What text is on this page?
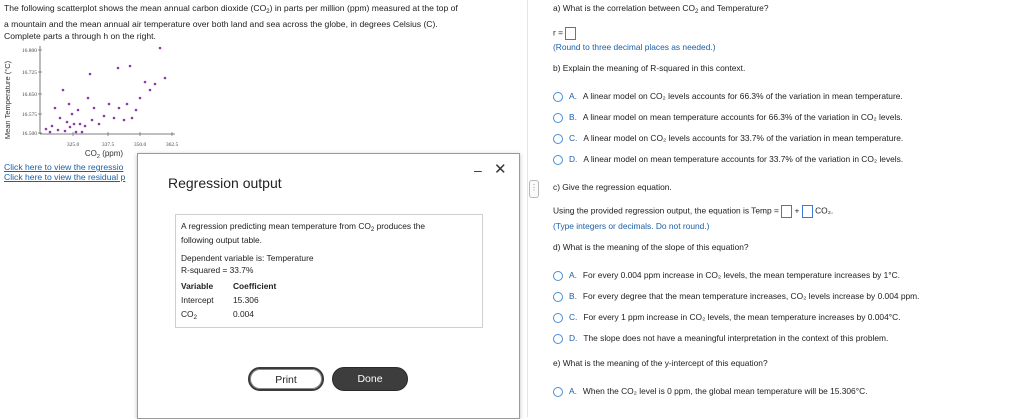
The following scatterplot shows the mean annual carbon dioxide $(CO_2)$ in parts per million (ppm) measured at the top of

a mountain and the mean annual air temperature over both land and sea across the globe, in degrees Celsius (C).

Complete parts a through h on the right.

Mean Temperature (°C)
16.800
16.725
16.650
16.575
16.500
325.0	337.5	350.0	362.5
$CO_2$ (ppm)
Click here to view the regressio
Click here to view the residual p
⋮
a) What is the correlation between $CO_2$ and Temperature?
r =
(Round to three decimal places as needed.)
b) Explain the meaning of R-squared in this context.
A. A linear model on CO₂ levels accounts for 66.3% of the variation in mean temperature.
B. A linear model on mean temperature accounts for 66.3% of the variation in CO₂ levels.
C. A linear model on CO₂ levels accounts for 33.7% of the variation in mean temperature.
D. A linear model on mean temperature accounts for 33.7% of the variation in CO₂ levels.
c) Give the regression equation.
Using the provided regression output, the equation is Temp = + CO₂.
(Type integers or decimals. Do not round.)
d) What is the meaning of the slope of this equation?
A. For every 0.004 ppm increase in CO₂ levels, the mean temperature increases by 1°C.
B. For every degree that the mean temperature increases, CO₂ levels increase by 0.004 ppm.
C. For every 1 ppm increase in CO₂ levels, the mean temperature increases by 0.004°C.
D. The slope does not have a meaningful interpretation in the context of this problem.
e) What is the meaning of the y-intercept of this equation?
A. When the CO₂ level is 0 ppm, the global mean temperature will be 15.306°C.
Regression output
– ✕
A regression predicting mean temperature from $CO_2$ produces the
following output table.
Dependent variable is: Temperature
R-squared = 33.7%
Variable Coefficient
Intercept 15.306
$CO_2$	0.004
Print	Done
